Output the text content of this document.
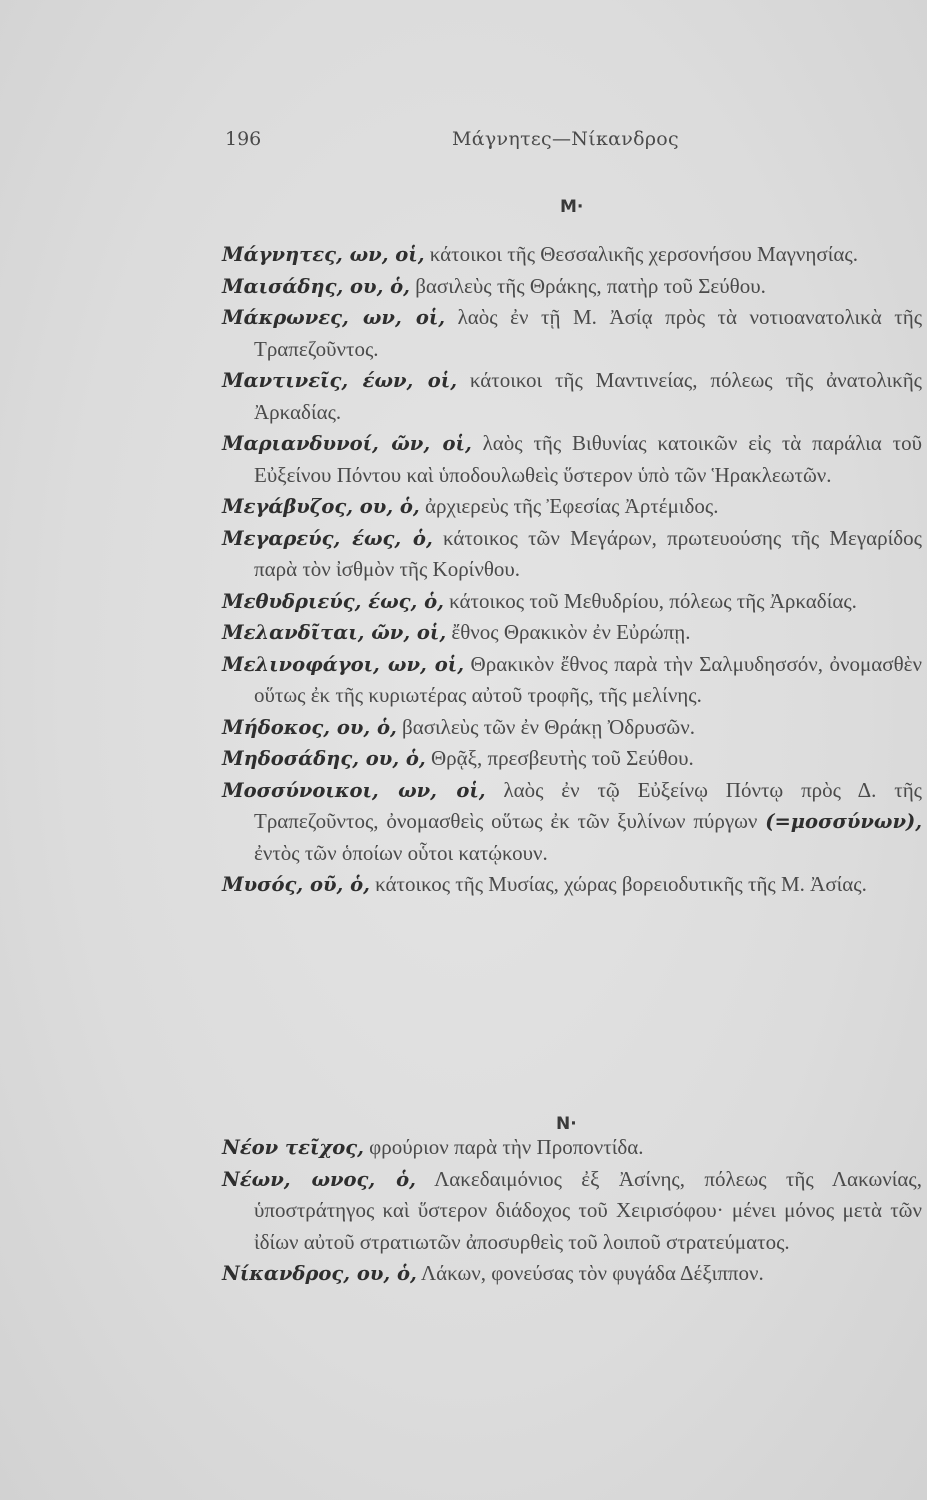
196	Μάγνητες—Νίκανδρος
Μ·

Μάγνητες, ων, οἱ, κάτοικοι τῆς Θεσσαλικῆς χερσονήσου Μαγνησίας.

Μαισάδης, ου, ὁ, βασιλεὺς τῆς Θράκης, πατὴρ τοῦ Σεύθου.

Μάκρωνες, ων, οἱ, λαὸς ἐν τῇ Μ. Ἀσίᾳ πρὸς τὰ νοτιοανατολικὰ τῆς Τραπεζοῦντος.

Μαντινεῖς, έων, οἱ, κάτοικοι τῆς Μαντινείας, πόλεως τῆς ἀνατολικῆς Ἀρκαδίας.

Μαριανδυνοί, ῶν, οἱ, λαὸς τῆς Βιθυνίας κατοικῶν εἰς τὰ παράλια τοῦ Εὐξείνου Πόντου καὶ ὑποδουλωθεὶς ὕστερον ὑπὸ τῶν Ἡρακλεωτῶν.

Μεγάβυζος, ου, ὁ, ἀρχιερεὺς τῆς Ἐφεσίας Ἀρτέμιδος.

Μεγαρεύς, έως, ὁ, κάτοικος τῶν Μεγάρων, πρωτευούσης τῆς Μεγαρίδος παρὰ τὸν ἰσθμὸν τῆς Κορίνθου.

Μεθυδριεύς, έως, ὁ, κάτοικος τοῦ Μεθυδρίου, πόλεως τῆς Ἀρκαδίας.

Μελανδῖται, ῶν, οἱ, ἔθνος Θρακικὸν ἐν Εὐρώπῃ.

Μελινοφάγοι, ων, οἱ, Θρακικὸν ἔθνος παρὰ τὴν Σαλμυδησσόν, ὀνομασθὲν οὕτως ἐκ τῆς κυριωτέρας αὐτοῦ τροφῆς, τῆς μελίνης.

Μήδοκος, ου, ὁ, βασιλεὺς τῶν ἐν Θράκῃ Ὀδρυσῶν.

Μηδοσάδης, ου, ὁ, Θρᾷξ, πρεσβευτὴς τοῦ Σεύθου.

Μοσσύνοικοι, ων, οἱ, λαὸς ἐν τῷ Εὐξείνῳ Πόντῳ πρὸς Δ. τῆς Τραπεζοῦντος, ὀνομασθεὶς οὕτως ἐκ τῶν ξυλίνων πύργων (=μοσσύνων), ἐντὸς τῶν ὁποίων οὗτοι κατῴκουν.

Μυσός, οῦ, ὁ, κάτοικος τῆς Μυσίας, χώρας βορειοδυτικῆς τῆς Μ. Ἀσίας.

Ν·

Νέον τεῖχος, φρούριον παρὰ τὴν Προποντίδα.

Νέων, ωνος, ὁ, Λακεδαιμόνιος ἐξ Ἀσίνης, πόλεως τῆς Λακωνίας, ὑποστράτηγος καὶ ὕστερον διάδοχος τοῦ Χειρισόφου· μένει μόνος μετὰ τῶν ἰδίων αὐτοῦ στρατιωτῶν ἀποσυρθεὶς τοῦ λοιποῦ στρατεύματος.

Νίκανδρος, ου, ὁ, Λάκων, φονεύσας τὸν φυγάδα Δέξιππον.
